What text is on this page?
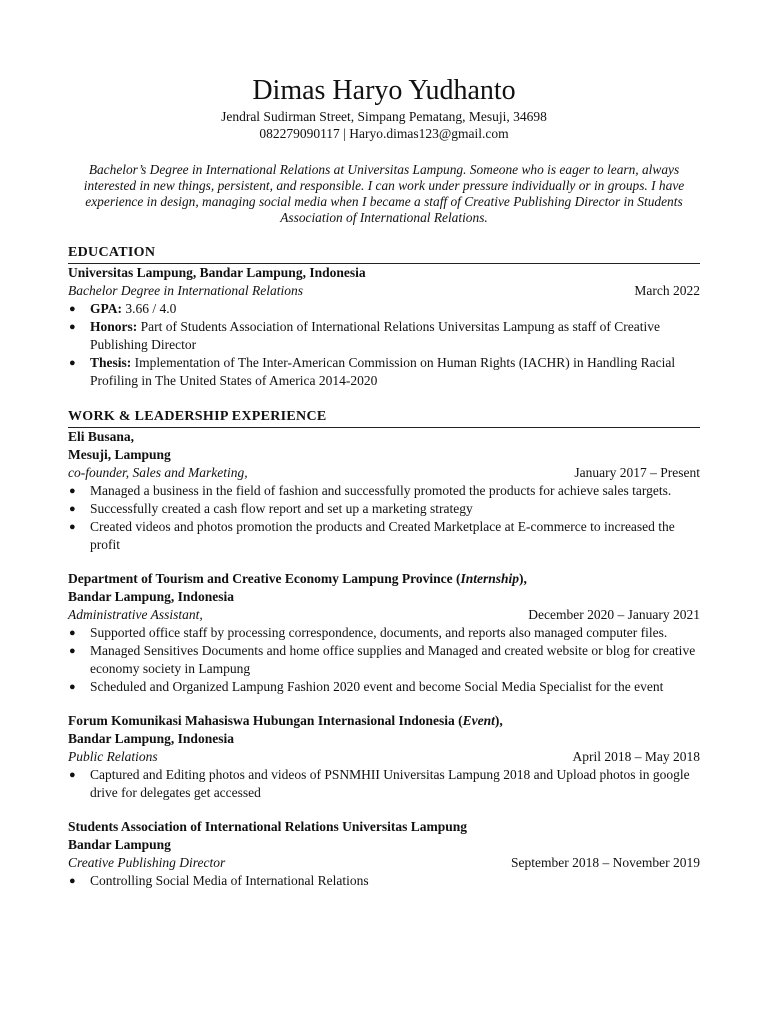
Dimas Haryo Yudhanto
Jendral Sudirman Street, Simpang Pematang, Mesuji, 34698
082279090117 | Haryo.dimas123@gmail.com
Bachelor’s Degree in International Relations at Universitas Lampung. Someone who is eager to learn, always interested in new things, persistent, and responsible. I can work under pressure individually or in groups. I have experience in design, managing social media when I became a staff of Creative Publishing Director in Students Association of International Relations.
EDUCATION
Universitas Lampung, Bandar Lampung, Indonesia
Bachelor Degree in International Relations	March 2022
● GPA: 3.66 / 4.0
● Honors: Part of Students Association of International Relations Universitas Lampung as staff of Creative Publishing Director
● Thesis: Implementation of The Inter-American Commission on Human Rights (IACHR) in Handling Racial Profiling in The United States of America 2014-2020
WORK & LEADERSHIP EXPERIENCE
Eli Busana,
Mesuji, Lampung
co-founder, Sales and Marketing,	January 2017 – Present
● Managed a business in the field of fashion and successfully promoted the products for achieve sales targets.
● Successfully created a cash flow report and set up a marketing strategy
● Created videos and photos promotion the products and Created Marketplace at E-commerce to increased the profit
Department of Tourism and Creative Economy Lampung Province (Internship),
Bandar Lampung, Indonesia
Administrative Assistant,	December 2020 – January 2021
● Supported office staff by processing correspondence, documents, and reports also managed computer files.
● Managed Sensitives Documents and home office supplies and Managed and created website or blog for creative economy society in Lampung
● Scheduled and Organized Lampung Fashion 2020 event and become Social Media Specialist for the event
Forum Komunikasi Mahasiswa Hubungan Internasional Indonesia (Event),
Bandar Lampung, Indonesia
Public Relations	April 2018 – May 2018
● Captured and Editing photos and videos of PSNMHII Universitas Lampung 2018 and Upload photos in google drive for delegates get accessed
Students Association of International Relations Universitas Lampung
Bandar Lampung
Creative Publishing Director	September 2018 – November 2019
● Controlling Social Media of International Relations
